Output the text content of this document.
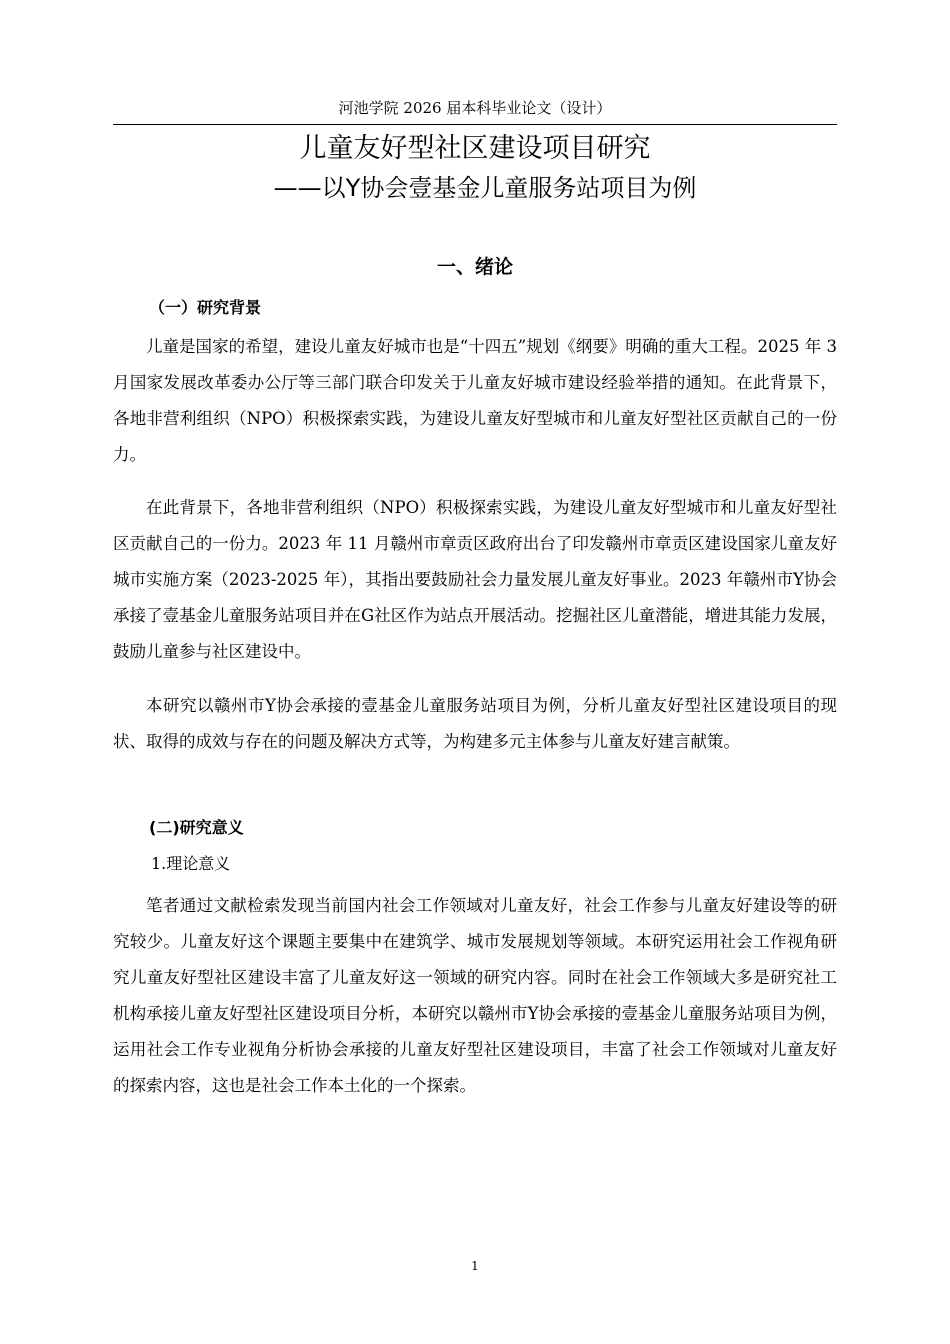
河池学院 2026 届本科毕业论文（设计）
儿童友好型社区建设项目研究
——以Y协会壹基金儿童服务站项目为例
一、绪论
（一）研究背景

儿童是国家的希望，建设儿童友好城市也是“十四五”规划《纲要》明确的重大工程。2025 年 3 月国家发展改革委办公厅等三部门联合印发关于儿童友好城市建设经验举措的通知。在此背景下，各地非营利组织（NPO）积极探索实践，为建设儿童友好型城市和儿童友好型社区贡献自己的一份力。

在此背景下，各地非营利组织（NPO）积极探索实践，为建设儿童友好型城市和儿童友好型社区贡献自己的一份力。2023 年 11 月赣州市章贡区政府出台了印发赣州市章贡区建设国家儿童友好城市实施方案（2023-2025 年），其指出要鼓励社会力量发展儿童友好事业。2023 年赣州市Y协会承接了壹基金儿童服务站项目并在G社区作为站点开展活动。挖掘社区儿童潜能，增进其能力发展，鼓励儿童参与社区建设中。

本研究以赣州市Y协会承接的壹基金儿童服务站项目为例，分析儿童友好型社区建设项目的现状、取得的成效与存在的问题及解决方式等，为构建多元主体参与儿童友好建言献策。

(二)研究意义
1.理论意义

笔者通过文献检索发现当前国内社会工作领域对儿童友好，社会工作参与儿童友好建设等的研究较少。儿童友好这个课题主要集中在建筑学、城市发展规划等领域。本研究运用社会工作视角研究儿童友好型社区建设丰富了儿童友好这一领域的研究内容。同时在社会工作领域大多是研究社工机构承接儿童友好型社区建设项目分析，本研究以赣州市Y协会承接的壹基金儿童服务站项目为例，运用社会工作专业视角分析协会承接的儿童友好型社区建设项目，丰富了社会工作领域对儿童友好的探索内容，这也是社会工作本土化的一个探索。

1
